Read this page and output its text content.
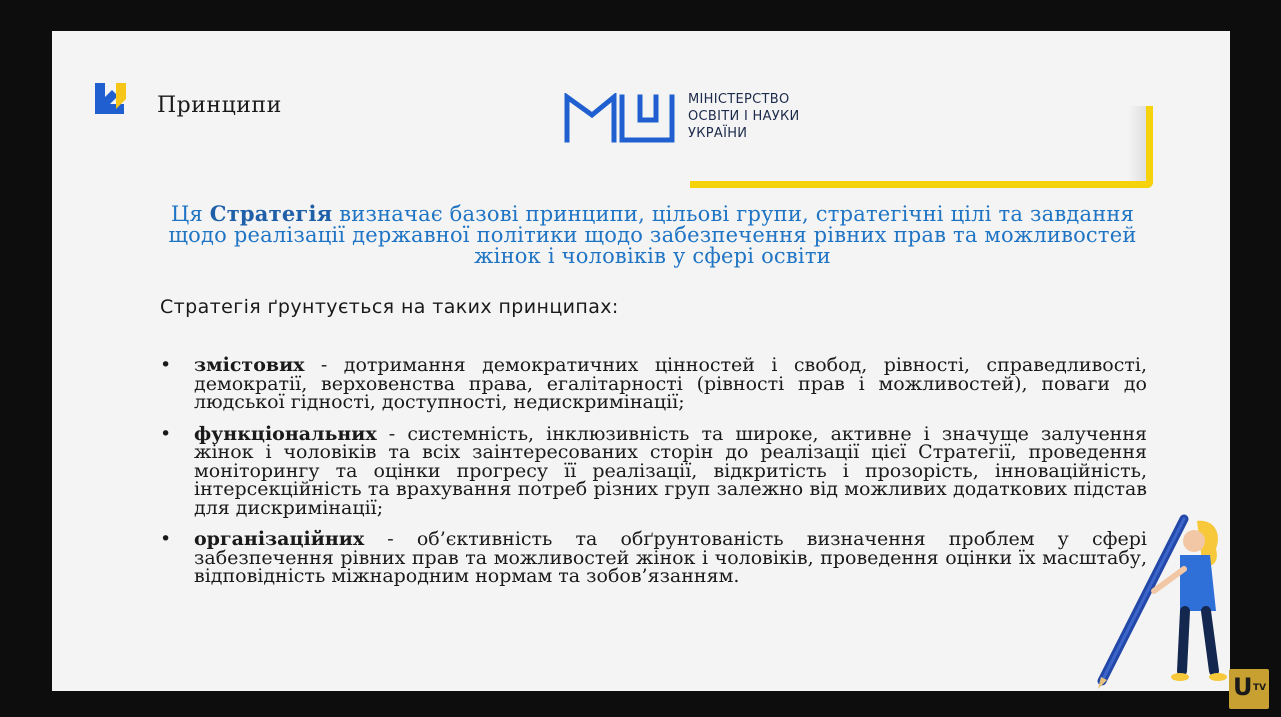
Принципи	МІНІСТЕРСТВО
ОСВІТИ І НАУКИ
УКРАЇНИ
Ця Стратегія визначає базові принципи, цільові групи, стратегічні цілі та завдання щодо реалізації державної політики щодо забезпечення рівних прав та можливостей жінок і чоловіків у сфері освіти
Стратегія ґрунтується на таких принципах:
• змістових - дотримання демократичних цінностей і свобод, рівності, справедливості, демократії, верховенства права, егалітарності (рівності прав і можливостей), поваги до людської гідності, доступності, недискримінації;
• функціональних - системність, інклюзивність та широке, активне і значуще залучення жінок і чоловіків та всіх заінтересованих сторін до реалізації цієї Стратегії, проведення моніторингу та оцінки прогресу її реалізації, відкритість і прозорість, інноваційність, інтерсекційність та врахування потреб різних груп залежно від можливих додаткових підстав для дискримінації;
• організаційних - об’єктивність та обґрунтованість визначення проблем у сфері забезпечення рівних прав та можливостей жінок і чоловіків, проведення оцінки їх масштабу, відповідність міжнародним нормам та зобов’язанням.
U TV
